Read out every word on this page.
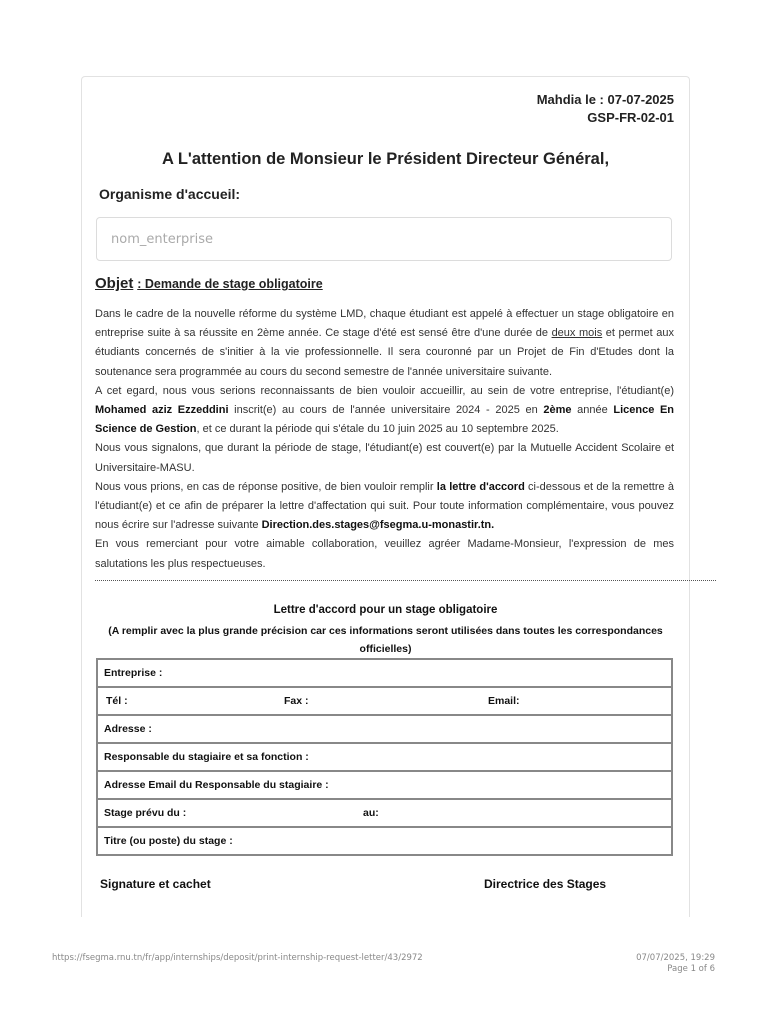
Mahdia le : 07-07-2025
GSP-FR-02-01
A L'attention de Monsieur le Président Directeur Général,
Organisme d'accueil:
nom_enterprise
Objet : Demande de stage obligatoire

Dans le cadre de la nouvelle réforme du système LMD, chaque étudiant est appelé à effectuer un stage obligatoire en entreprise suite à sa réussite en 2ème année. Ce stage d'été est sensé être d'une durée de deux mois et permet aux étudiants concernés de s'initier à la vie professionnelle. Il sera couronné par un Projet de Fin d'Etudes dont la soutenance sera programmée au cours du second semestre de l'année universitaire suivante.

A cet egard, nous vous serions reconnaissants de bien vouloir accueillir, au sein de votre entreprise, l'étudiant(e) Mohamed aziz Ezzeddini inscrit(e) au cours de l'année universitaire 2024 - 2025 en 2ème année Licence En Science de Gestion, et ce durant la période qui s'étale du 10 juin 2025 au 10 septembre 2025.

Nous vous signalons, que durant la période de stage, l'étudiant(e) est couvert(e) par la Mutuelle Accident Scolaire et Universitaire-MASU.

Nous vous prions, en cas de réponse positive, de bien vouloir remplir la lettre d'accord ci-dessous et de la remettre à l'étudiant(e) et ce afin de préparer la lettre d'affectation qui suit. Pour toute information complémentaire, vous pouvez nous écrire sur l'adresse suivante Direction.des.stages@fsegma.u-monastir.tn.

En vous remerciant pour votre aimable collaboration, veuillez agréer Madame-Monsieur, l'expression de mes salutations les plus respectueuses.

Lettre d'accord pour un stage obligatoire
(A remplir avec la plus grande précision car ces informations seront utilisées dans toutes les correspondances officielles)
Entreprise :
Tél :	Fax :	Email:
Adresse :
Responsable du stagiaire et sa fonction :
Adresse Email du Responsable du stagiaire :
Stage prévu du :	au:
Titre (ou poste) du stage :
Signature et cachet	Directrice des Stages
https://fsegma.rnu.tn/fr/app/internships/deposit/print-internship-request-letter/43/2972	07/07/2025, 19:29
Page 1 of 6
